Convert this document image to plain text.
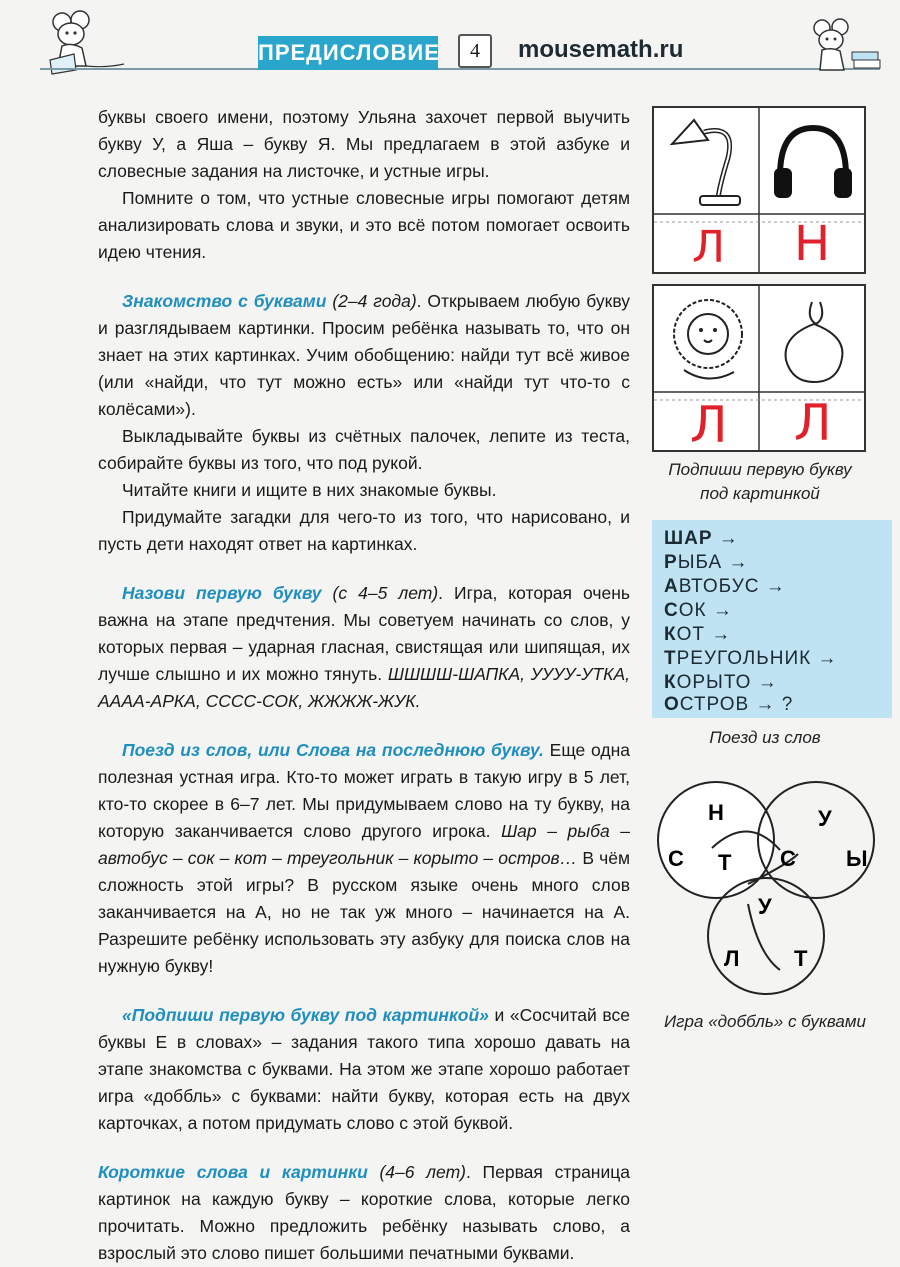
ПРЕДИСЛОВИЕ	4	mousemath.ru

буквы своего имени, поэтому Ульяна захочет первой выучить букву У, а Яша – букву Я. Мы предлагаем в этой азбуке и словесные задания на листочке, и устные игры.

Помните о том, что устные словесные игры помогают детям анализировать слова и звуки, и это всё потом помогает освоить идею чтения.

Знакомство с буквами (2–4 года). Открываем любую букву и разглядываем картинки. Просим ребёнка называть то, что он знает на этих картинках. Учим обобщению: найди тут всё живое (или «найди, что тут можно есть» или «найди тут что-то с колёсами»).

Выкладывайте буквы из счётных палочек, лепите из теста, собирайте буквы из того, что под рукой.

Читайте книги и ищите в них знакомые буквы.

Придумайте загадки для чего-то из того, что нарисовано, и пусть дети находят ответ на картинках.

Назови первую букву (с 4–5 лет). Игра, которая очень важна на этапе предчтения. Мы советуем начинать со слов, у которых первая – ударная гласная, свистящая или шипящая, их лучше слышно и их можно тянуть. ШШШШ-ШАПКА, УУУУ-УТКА, АААА-АРКА, СССС-СОК, ЖЖЖЖ-ЖУК.

Поезд из слов, или Слова на последнюю букву. Еще одна полезная устная игра. Кто-то может играть в такую игру в 5 лет, кто-то скорее в 6–7 лет. Мы придумываем слово на ту букву, на которую заканчивается слово другого игрока. Шар – рыба – автобус – сок – кот – треугольник – корыто – остров… В чём сложность этой игры? В русском языке очень много слов заканчивается на А, но не так уж много – начинается на А. Разрешите ребёнку использовать эту азбуку для поиска слов на нужную букву!

«Подпиши первую букву под картинкой» и «Сосчитай все буквы Е в словах» – задания такого типа хорошо давать на этапе знакомства с буквами. На этом же этапе хорошо работает игра «доббль» с буквами: найти букву, которая есть на двух карточках, а потом придумать слово с этой буквой.

Короткие слова и картинки (4–6 лет). Первая страница картинок на каждую букву – короткие слова, которые легко прочитать. Можно предложить ребёнку называть слово, а взрослый это слово пишет большими печатными буквами.

Л Н
Л Л
Подпиши первую букву
под картинкой
ШАР →
РЫБА →
АВТОБУС →
СОК →
КОТ →
ТРЕУГОЛЬНИК →
КОРЫТО →
ОСТРОВ → ?
Поезд из слов
Н	У
С Т С Ы
У
Л Т
Игра «доббль» с буквами
